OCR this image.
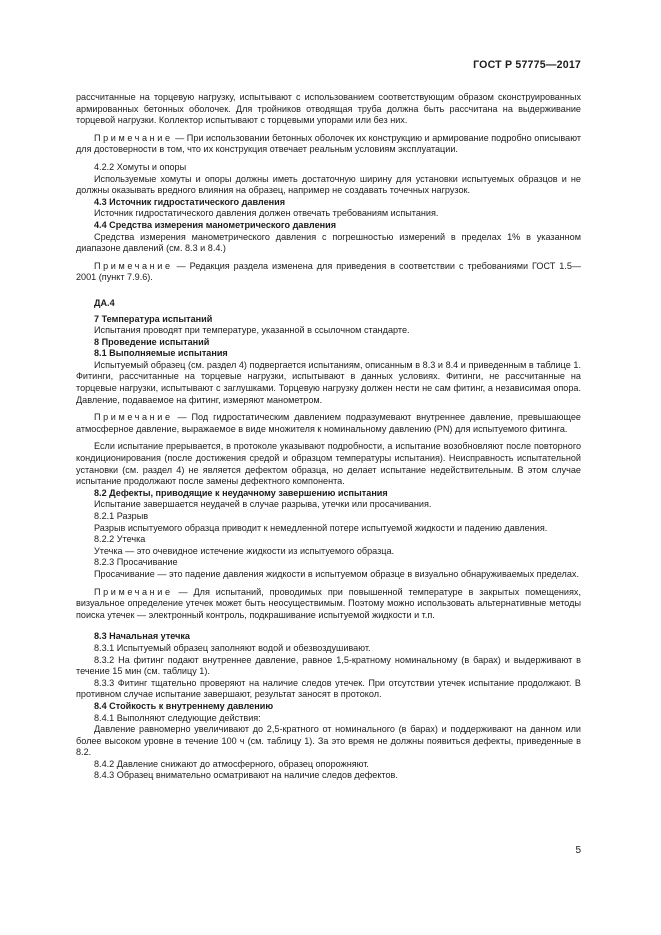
ГОСТ Р 57775—2017

рассчитанные на торцевую нагрузку, испытывают с использованием соответствующим образом сконструированных армированных бетонных оболочек. Для тройников отводящая труба должна быть рассчитана на выдерживание торцевой нагрузки. Коллектор испытывают с торцевыми упорами или без них.

Примечание — При использовании бетонных оболочек их конструкцию и армирование подробно описывают для достоверности в том, что их конструкция отвечает реальным условиям эксплуатации.

4.2.2 Хомуты и опоры

Используемые хомуты и опоры должны иметь достаточную ширину для установки испытуемых образцов и не должны оказывать вредного влияния на образец, например не создавать точечных нагрузок.

4.3 Источник гидростатического давления

Источник гидростатического давления должен отвечать требованиям испытания.

4.4 Средства измерения манометрического давления

Средства измерения манометрического давления с погрешностью измерений в пределах 1% в указанном диапазоне давлений (см. 8.3 и 8.4.)

Примечание — Редакция раздела изменена для приведения в соответствии с требованиями ГОСТ 1.5—2001 (пункт 7.9.6).

ДА.4

7 Температура испытаний

Испытания проводят при температуре, указанной в ссылочном стандарте.

8 Проведение испытаний

8.1 Выполняемые испытания

Испытуемый образец (см. раздел 4) подвергается испытаниям, описанным в 8.3 и 8.4 и приведенным в таблице 1. Фитинги, рассчитанные на торцевые нагрузки, испытывают в данных условиях. Фитинги, не рассчитанные на торцевые нагрузки, испытывают с заглушками. Торцевую нагрузку должен нести не сам фитинг, а независимая опора. Давление, подаваемое на фитинг, измеряют манометром.

Примечание — Под гидростатическим давлением подразумевают внутреннее давление, превышающее атмосферное давление, выражаемое в виде множителя к номинальному давлению (PN) для испытуемого фитинга.

Если испытание прерывается, в протоколе указывают подробности, а испытание возобновляют после повторного кондиционирования (после достижения средой и образцом температуры испытания). Неисправность испытательной установки (см. раздел 4) не является дефектом образца, но делает испытание недействительным. В этом случае испытание продолжают после замены дефектного компонента.

8.2 Дефекты, приводящие к неудачному завершению испытания

Испытание завершается неудачей в случае разрыва, утечки или просачивания.

8.2.1 Разрыв

Разрыв испытуемого образца приводит к немедленной потере испытуемой жидкости и падению давления.

8.2.2 Утечка

Утечка — это очевидное истечение жидкости из испытуемого образца.

8.2.3 Просачивание

Просачивание — это падение давления жидкости в испытуемом образце в визуально обнаруживаемых пределах.

Примечание — Для испытаний, проводимых при повышенной температуре в закрытых помещениях, визуальное определение утечек может быть неосуществимым. Поэтому можно использовать альтернативные методы поиска утечек — электронный контроль, подкрашивание испытуемой жидкости и т.п.

8.3 Начальная утечка

8.3.1 Испытуемый образец заполняют водой и обезвоздушивают.

8.3.2 На фитинг подают внутреннее давление, равное 1,5-кратному номинальному (в барах) и выдерживают в течение 15 мин (см. таблицу 1).

8.3.3 Фитинг тщательно проверяют на наличие следов утечек. При отсутствии утечек испытание продолжают. В противном случае испытание завершают, результат заносят в протокол.

8.4 Стойкость к внутреннему давлению

8.4.1 Выполняют следующие действия:

Давление равномерно увеличивают до 2,5-кратного от номинального (в барах) и поддерживают на данном или более высоком уровне в течение 100 ч (см. таблицу 1). За это время не должны появиться дефекты, приведенные в 8.2.

8.4.2 Давление снижают до атмосферного, образец опорожняют.

8.4.3 Образец внимательно осматривают на наличие следов дефектов.

5
